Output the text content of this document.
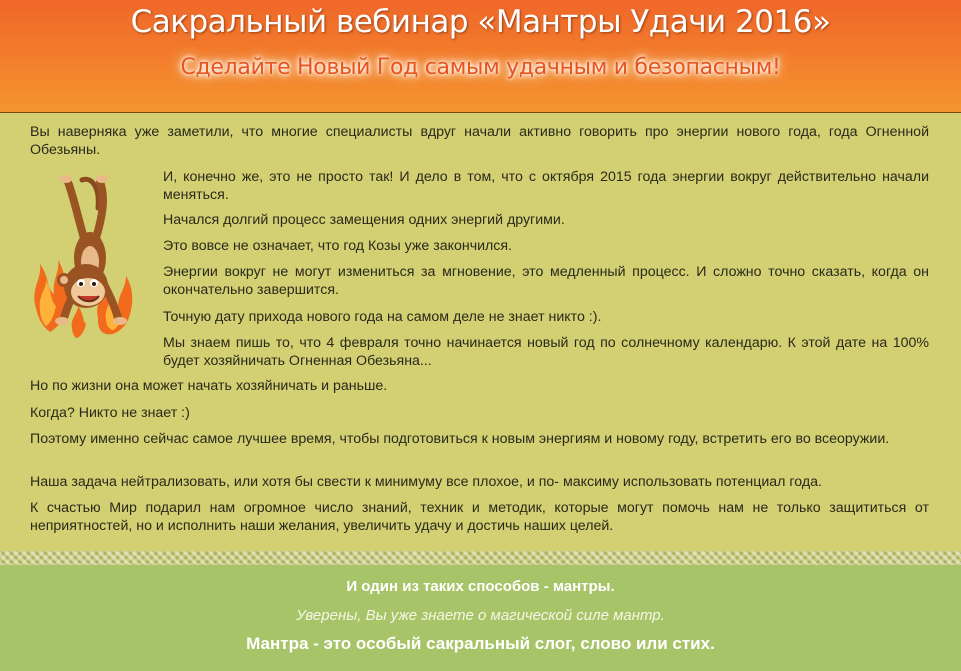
Сакральный вебинар «Мантры Удачи 2016»
Сделайте Новый Год самым удачным и безопасным!

Вы наверняка уже заметили, что многие специалисты вдруг начали активно говорить про энергии нового года, года Огненной Обезьяны.

И, конечно же, это не просто так! И дело в том, что с октября 2015 года энергии вокруг действительно начали меняться.

Начался долгий процесс замещения одних энергий другими.

Это вовсе не означает, что год Козы уже закончился.

Энергии вокруг не могут измениться за мгновение, это медленный процесс. И сложно точно сказать, когда он окончательно завершится.

Точную дату прихода нового года на самом деле не знает никто :).

Мы знаем пишь то, что 4 февраля точно начинается новый год по солнечному календарю. К этой дате на 100% будет хозяйничать Огненная Обезьяна...

Но по жизни она может начать хозяйничать и раньше.

Когда? Никто не знает :)

Поэтому именно сейчас самое лучшее время, чтобы подготовиться к новым энергиям и новому году, встретить его во всеоружии.

Наша задача нейтрализовать, или хотя бы свести к минимуму все плохое, и по- максиму использовать потенциал года.

К счастью Мир подарил нам огромное число знаний, техник и методик, которые могут помочь нам не только защититься от неприятностей, но и исполнить наши желания, увеличить удачу и достичь наших целей.

И один из таких способов - мантры.
Уверены, Вы уже знаете о магической силе мантр.
Мантра - это особый сакральный слог, слово или стих.
